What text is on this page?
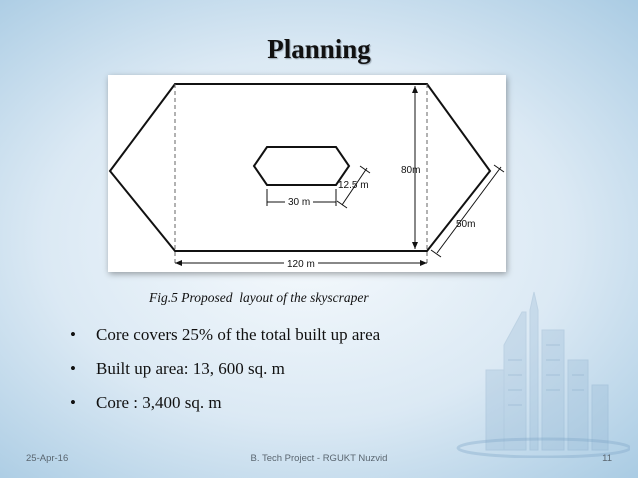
Planning
80m
30 m
12.5 m
50m
120 m
Fig.5 Proposed  layout of the skyscraper
• Core covers 25% of the total built up area
• Built up area: 13, 600 sq. m
• Core : 3,400 sq. m
25-Apr-16	B. Tech Project - RGUKT Nuzvid	11
